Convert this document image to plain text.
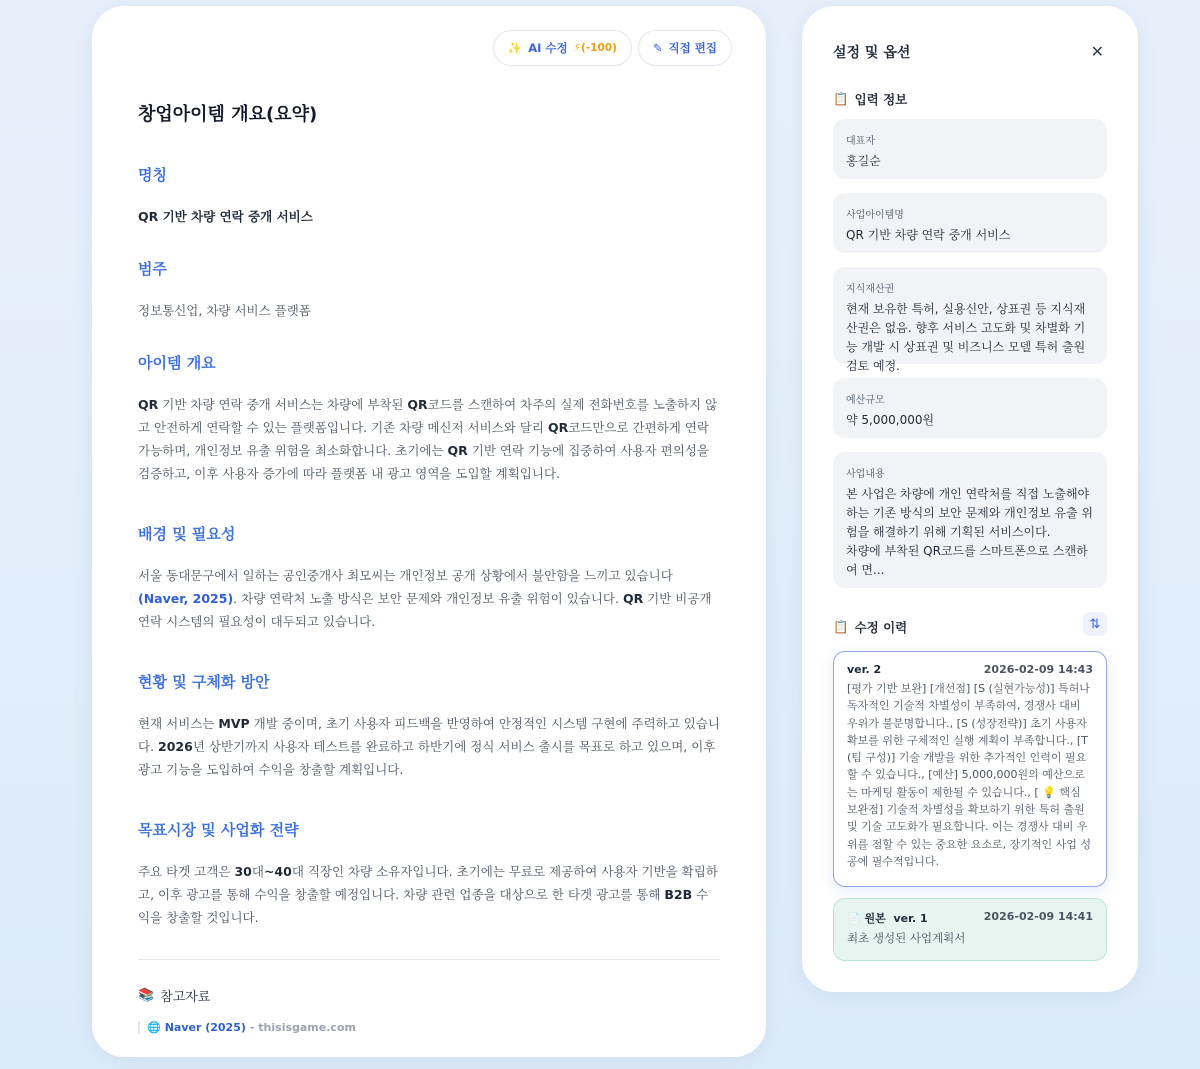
✨ AI 수정 ⚡(-100)	✎ 직접 편집
창업아이템 개요(요약)
명칭

QR 기반 차량 연락 중개 서비스

범주

정보통신업, 차량 서비스 플랫폼

아이템 개요

QR 기반 차량 연락 중개 서비스는 차량에 부착된 QR코드를 스캔하여 차주의 실제 전화번호를 노출하지 않고 안전하게 연락할 수 있는 플랫폼입니다. 기존 차량 메신저 서비스와 달리 QR코드만으로 간편하게 연락 가능하며, 개인정보 유출 위험을 최소화합니다. 초기에는 QR 기반 연락 기능에 집중하여 사용자 편의성을 검증하고, 이후 사용자 증가에 따라 플랫폼 내 광고 영역을 도입할 계획입니다.

배경 및 필요성

서울 동대문구에서 일하는 공인중개사 최모씨는 개인정보 공개 상황에서 불안함을 느끼고 있습니다 (Naver, 2025). 차량 연락처 노출 방식은 보안 문제와 개인정보 유출 위험이 있습니다. QR 기반 비공개 연락 시스템의 필요성이 대두되고 있습니다.

현황 및 구체화 방안

현재 서비스는 MVP 개발 중이며, 초기 사용자 피드백을 반영하여 안정적인 시스템 구현에 주력하고 있습니다. 2026년 상반기까지 사용자 테스트를 완료하고 하반기에 정식 서비스 출시를 목표로 하고 있으며, 이후 광고 기능을 도입하여 수익을 창출할 계획입니다.

목표시장 및 사업화 전략

주요 타겟 고객은 30대~40대 직장인 차량 소유자입니다. 초기에는 무료로 제공하여 사용자 기반을 확립하고, 이후 광고를 통해 수익을 창출할 예정입니다. 차량 관련 업종을 대상으로 한 타겟 광고를 통해 B2B 수익을 창출할 것입니다.

📚 참고자료
🌐 Naver (2025) - thisisgame.com
설정 및 옵션	✕
📋 입력 정보
대표자
홍길순
사업아이템명
QR 기반 차량 연락 중개 서비스
지식재산권
현재 보유한 특허, 실용신안, 상표권 등 지식재산권은 없음. 향후 서비스 고도화 및 차별화 기능 개발 시 상표권 및 비즈니스 모델 특허 출원 검토 예정.
예산규모
약 5,000,000원
사업내용
본 사업은 차량에 개인 연락처를 직접 노출해야 하는 기존 방식의 보안 문제와 개인정보 유출 위험을 해결하기 위해 기획된 서비스이다.
차량에 부착된 QR코드를 스마트폰으로 스캔하여 면...
📋 수정 이력	⇅
ver. 2	2026-02-09 14:43
[평가 기반 보완] [개선점] [S (실현가능성)] 특허나 독자적인 기술적 차별성이 부족하여, 경쟁사 대비 우위가 불분명합니다., [S (성장전략)] 초기 사용자 확보를 위한 구체적인 실행 계획이 부족합니다., [T (팀 구성)] 기술 개발을 위한 추가적인 인력이 필요할 수 있습니다., [예산] 5,000,000원의 예산으로는 마케팅 활동이 제한될 수 있습니다., [ 💡 핵심 보완점] 기술적 차별성을 확보하기 위한 특허 출원 및 기술 고도화가 필요합니다. 이는 경쟁사 대비 우위를 점할 수 있는 중요한 요소로, 장기적인 사업 성공에 필수적입니다.
📄 원본 ver. 1	2026-02-09 14:41
최초 생성된 사업계획서
